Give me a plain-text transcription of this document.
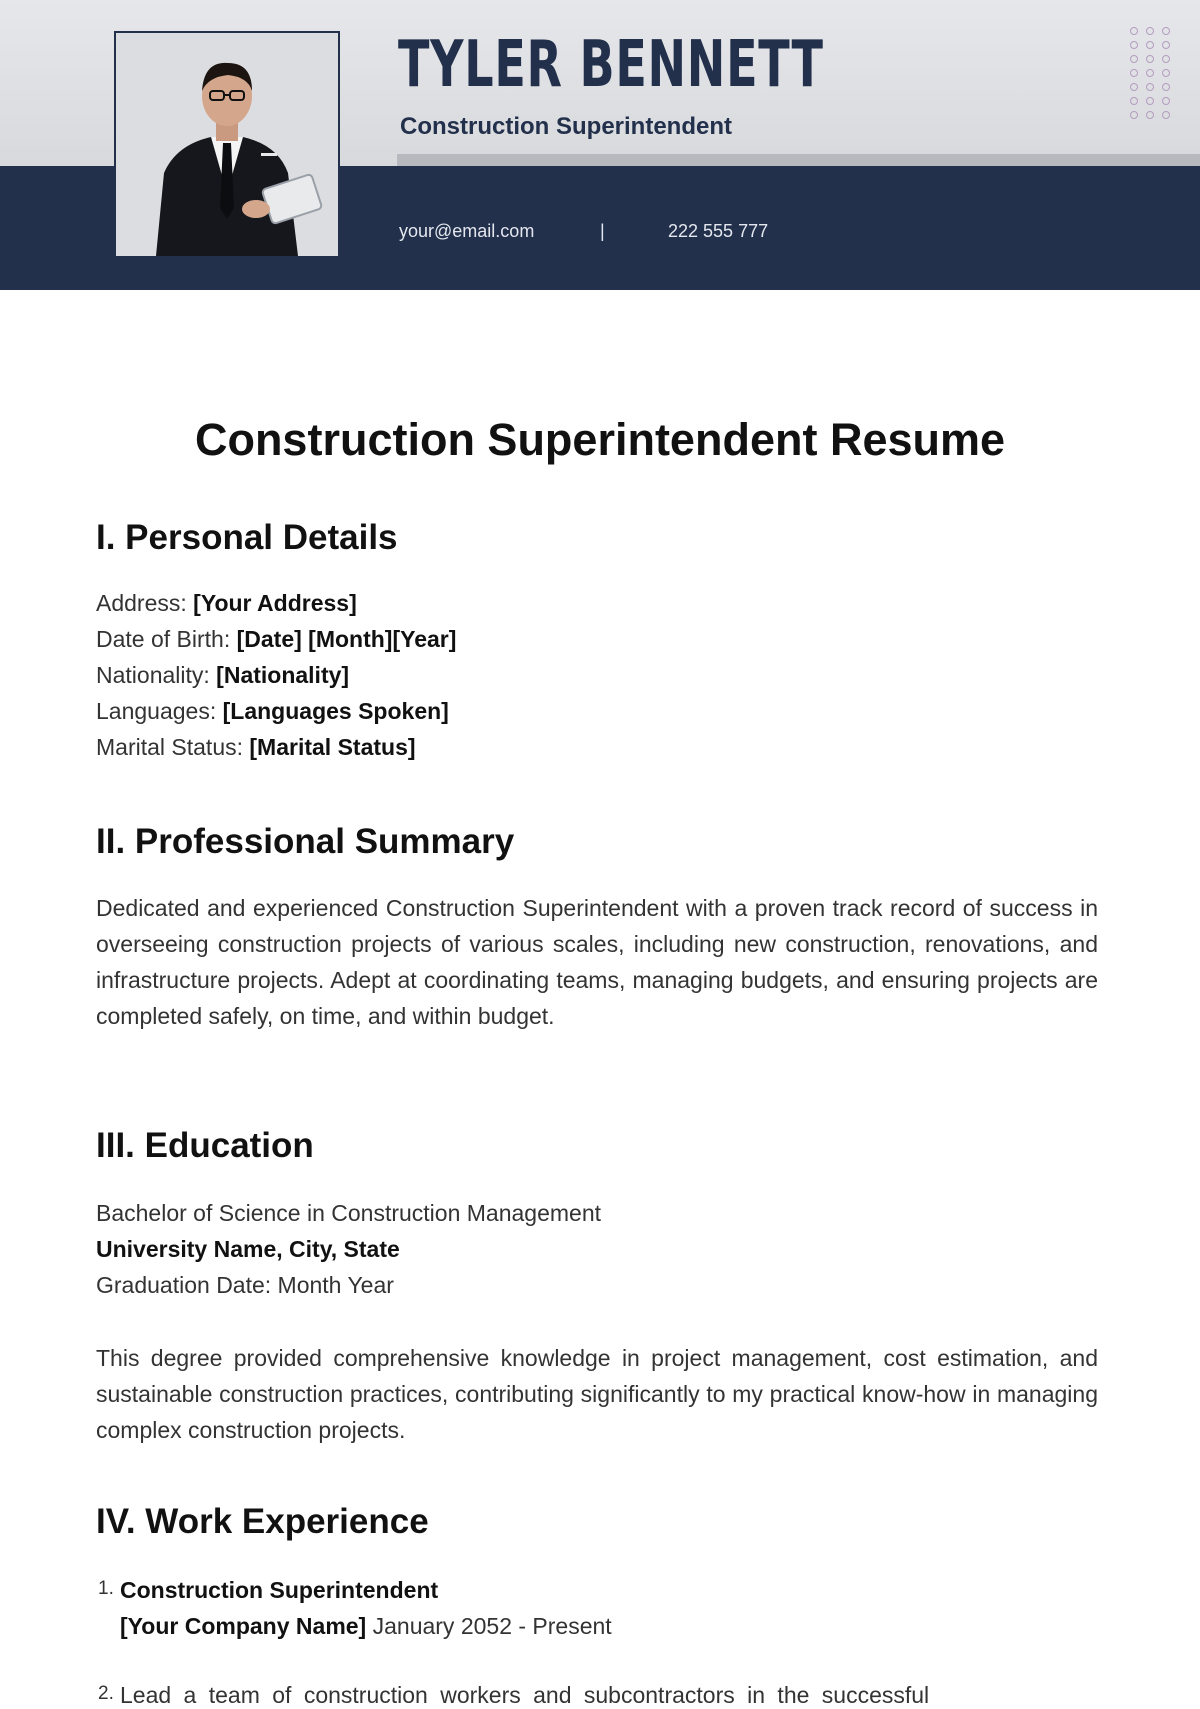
TYLER BENNETT
Construction Superintendent
your@email.com	|	222 555 777
Construction Superintendent Resume
I. Personal Details
Address: [Your Address]
Date of Birth: [Date] [Month][Year]
Nationality: [Nationality]
Languages: [Languages Spoken]
Marital Status: [Marital Status]
II. Professional Summary

Dedicated and experienced Construction Superintendent with a proven track record of success in overseeing construction projects of various scales, including new construction, renovations, and infrastructure projects. Adept at coordinating teams, managing budgets, and ensuring projects are completed safely, on time, and within budget.

III. Education
Bachelor of Science in Construction Management
University Name, City, State
Graduation Date: Month Year

This degree provided comprehensive knowledge in project management, cost estimation, and sustainable construction practices, contributing significantly to my practical know-how in managing complex construction projects.

IV. Work Experience
1. Construction Superintendent
[Your Company Name] January 2052 - Present
2. Lead a team of construction workers and subcontractors in the successful
